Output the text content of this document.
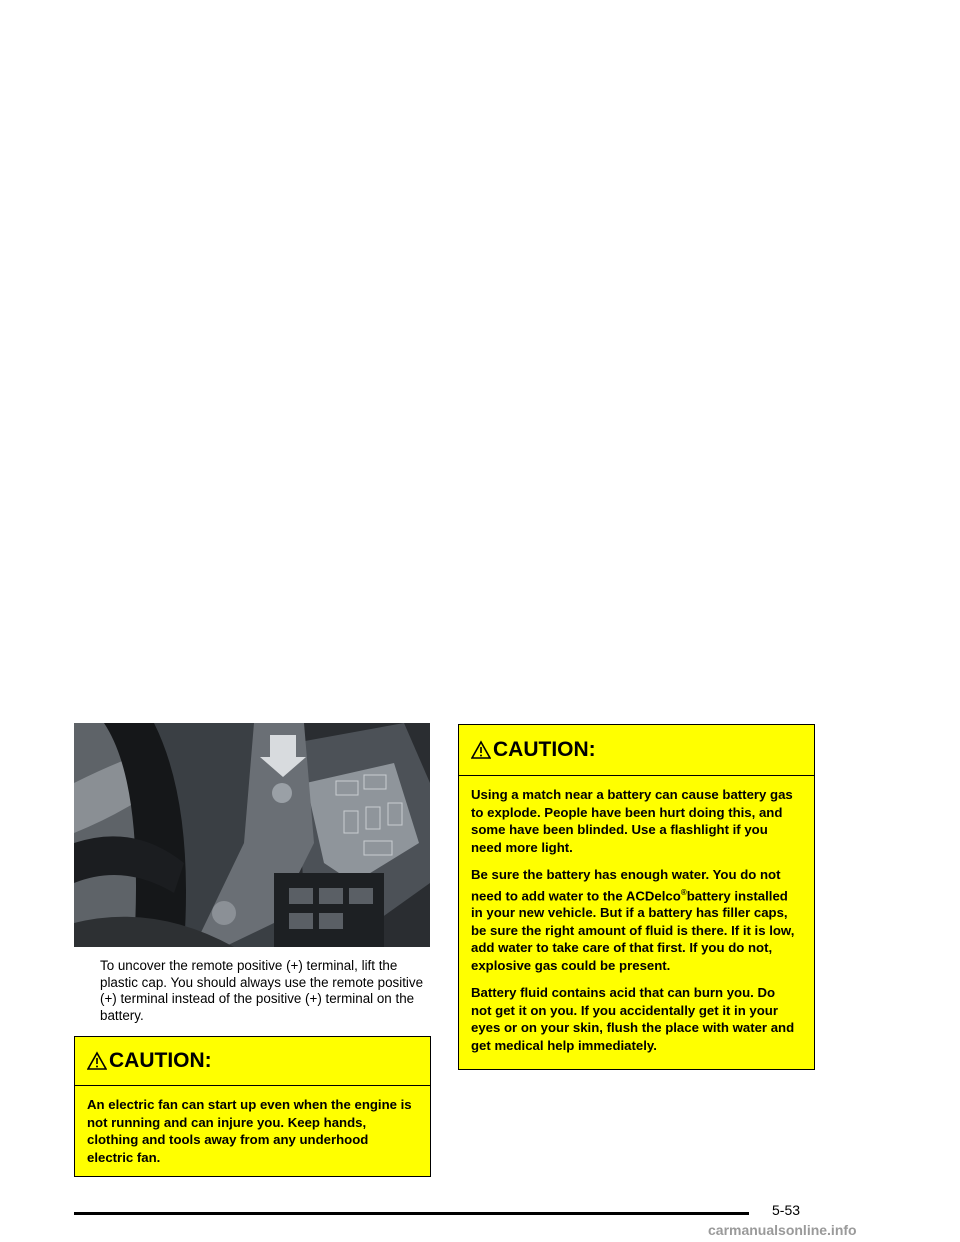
To uncover the remote positive (+) terminal, lift the plastic cap. You should always use the remote positive (+) terminal instead of the positive (+) terminal on the battery.
CAUTION:

An electric fan can start up even when the engine is not running and can injure you. Keep hands, clothing and tools away from any underhood electric fan.

CAUTION:

Using a match near a battery can cause battery gas to explode. People have been hurt doing this, and some have been blinded. Use a flashlight if you need more light.

Be sure the battery has enough water. You do not need to add water to the ACDelco®battery installed in your new vehicle. But if a battery has filler caps, be sure the right amount of fluid is there. If it is low, add water to take care of that first. If you do not, explosive gas could be present.

Battery fluid contains acid that can burn you. Do not get it on you. If you accidentally get it in your eyes or on your skin, flush the place with water and get medical help immediately.

5-53
carmanualsonline.info
